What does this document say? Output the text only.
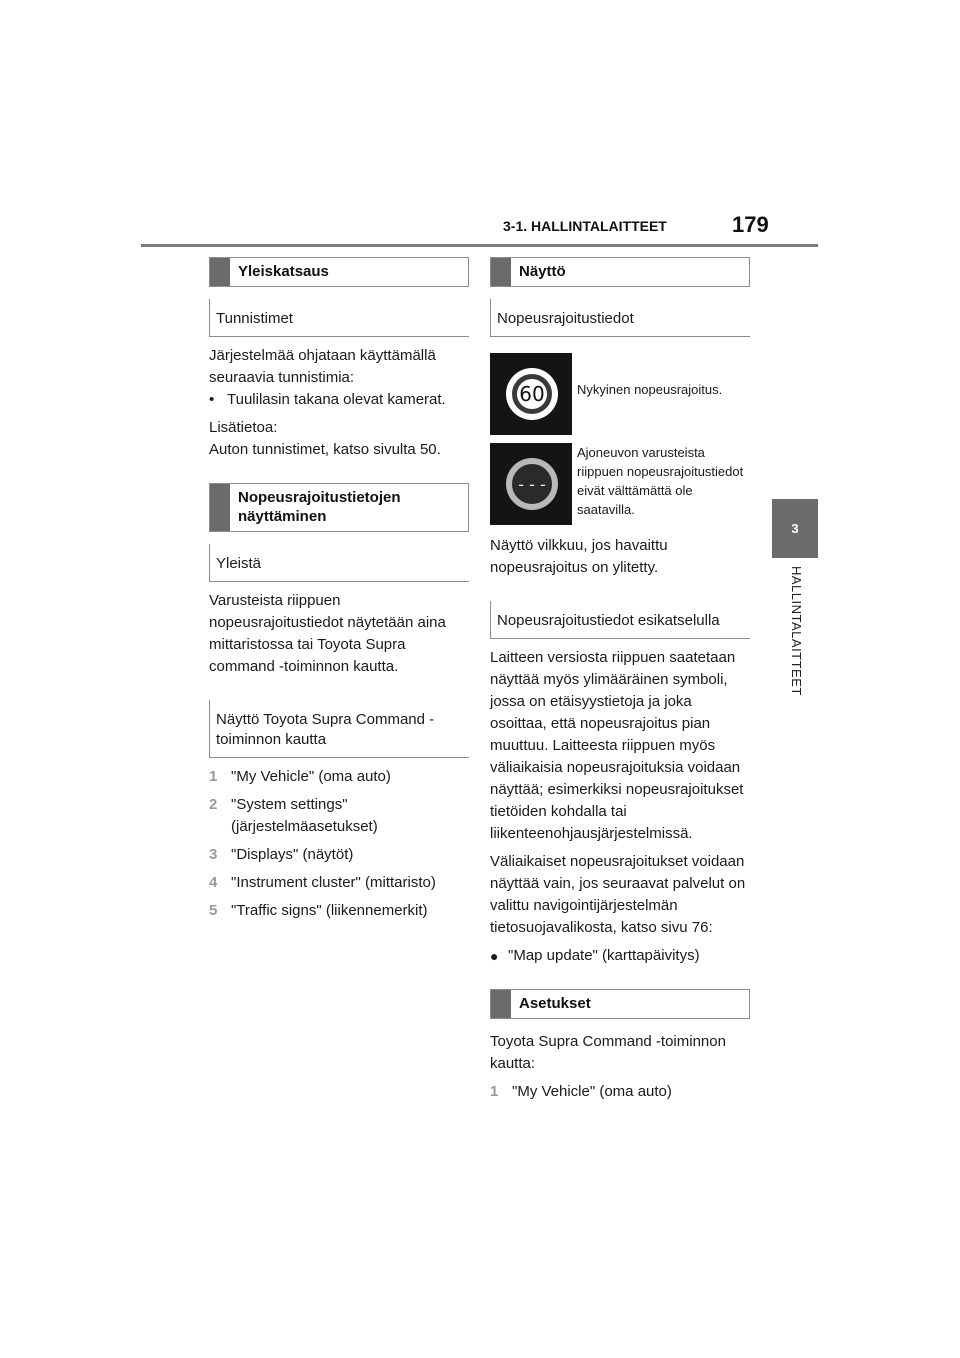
3-1. HALLINTALAITTEET	179
3
HALLINTALAITTEET
Yleiskatsaus
Tunnistimet

Järjestelmää ohjataan käyttämällä seuraavia tunnistimia:

• Tuulilasin takana olevat kamerat.

Lisätietoa:

Auton tunnistimet, katso sivulta 50.

Nopeusrajoitustietojen näyttäminen
Yleistä

Varusteista riippuen nopeusrajoitustiedot näytetään aina mittaristossa tai Toyota Supra command -toiminnon kautta.

Näyttö Toyota Supra Command -toiminnon kautta
1 "My Vehicle" (oma auto)
2 "System settings" (järjestelmäasetukset)
3 "Displays" (näytöt)
4 "Instrument cluster" (mittaristo)
5 "Traffic signs" (liikennemerkit)
Näyttö
Nopeusrajoitustiedot
60	Nykyinen nopeusrajoitus.
- - -
Ajoneuvon varusteista riippuen nopeusrajoitustiedot eivät välttämättä ole saatavilla.

Näyttö vilkkuu, jos havaittu nopeusrajoitus on ylitetty.

Nopeusrajoitustiedot esikatselulla

Laitteen versiosta riippuen saatetaan näyttää myös ylimääräinen symboli, jossa on etäisyystietoja ja joka osoittaa, että nopeusrajoitus pian muuttuu. Laitteesta riippuen myös väliaikaisia nopeusrajoituksia voidaan näyttää; esimerkiksi nopeusrajoitukset tietöiden kohdalla tai liikenteenohjausjärjestelmissä.

Väliaikaiset nopeusrajoitukset voidaan näyttää vain, jos seuraavat palvelut on valittu navigointijärjestelmän tietosuojavalikosta, katso sivu 76:

● "Map update" (karttapäivitys)
Asetukset

Toyota Supra Command -toiminnon kautta:

1 "My Vehicle" (oma auto)
